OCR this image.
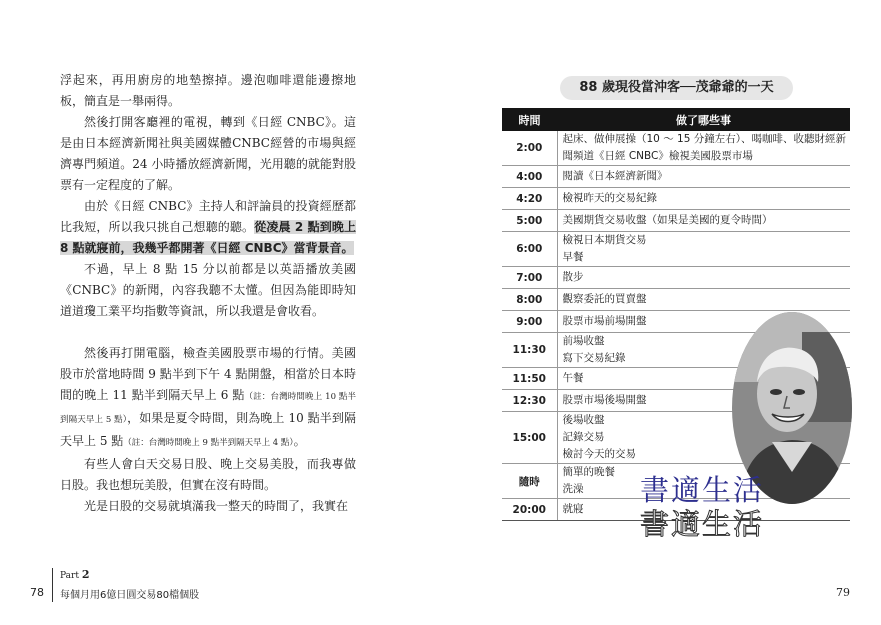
浮起來，再用廚房的地墊擦掉。邊泡咖啡還能邊擦地板，簡直是一舉兩得。

然後打開客廳裡的電視，轉到《日經 CNBC》。這是由日本經濟新聞社與美國媒體CNBC經營的市場與經濟專門頻道。24 小時播放經濟新聞，光用聽的就能對股票有一定程度的了解。

由於《日經 CNBC》主持人和評論員的投資經歷都比我短，所以我只挑自己想聽的聽。從凌晨 2 點到晚上 8 點就寢前，我幾乎都開著《日經 CNBC》當背景音。

不過，早上 8 點 15 分以前都是以英語播放美國《CNBC》的新聞，內容我聽不太懂。但因為能即時知道道瓊工業平均指數等資訊，所以我還是會收看。

然後再打開電腦，檢查美國股票市場的行情。美國股市於當地時間 9 點半到下午 4 點開盤，相當於日本時間的晚上 11 點半到隔天早上 6 點（註：台灣時間晚上 10 點半到隔天早上 5 點），如果是夏令時間，則為晚上 10 點半到隔天早上 5 點（註：台灣時間晚上 9 點半到隔天早上 4 點）。

有些人會白天交易日股、晚上交易美股，而我專做日股。我也想玩美股，但實在沒有時間。

光是日股的交易就填滿我一整天的時間了，我實在

78
Part 2
每個月用6億日圓交易80檔個股
88 歲現役當沖客──茂爺爺的一天
時間	做了哪些事
2:00	起床、做伸展操（10 ～ 15 分鐘左右）、喝咖啡、收聽財經新
聞頻道《日經 CNBC》檢視美國股票市場

4:00	閱讀《日本經濟新聞》

4:20	檢視昨天的交易紀錄

5:00	美國期貨交易收盤（如果是美國的夏令時間）

6:00	檢視日本期貨交易
早餐

7:00	散步

8:00	觀察委託的買賣盤

9:00	股票市場前場開盤

11:30	前場收盤
寫下交易紀錄

11:50	午餐

12:30	股票市場後場開盤

15:00	後場收盤
記錄交易
檢討今天的交易

隨時	簡單的晚餐
洗澡

20:00	就寢
書適生活
書適生活
79
